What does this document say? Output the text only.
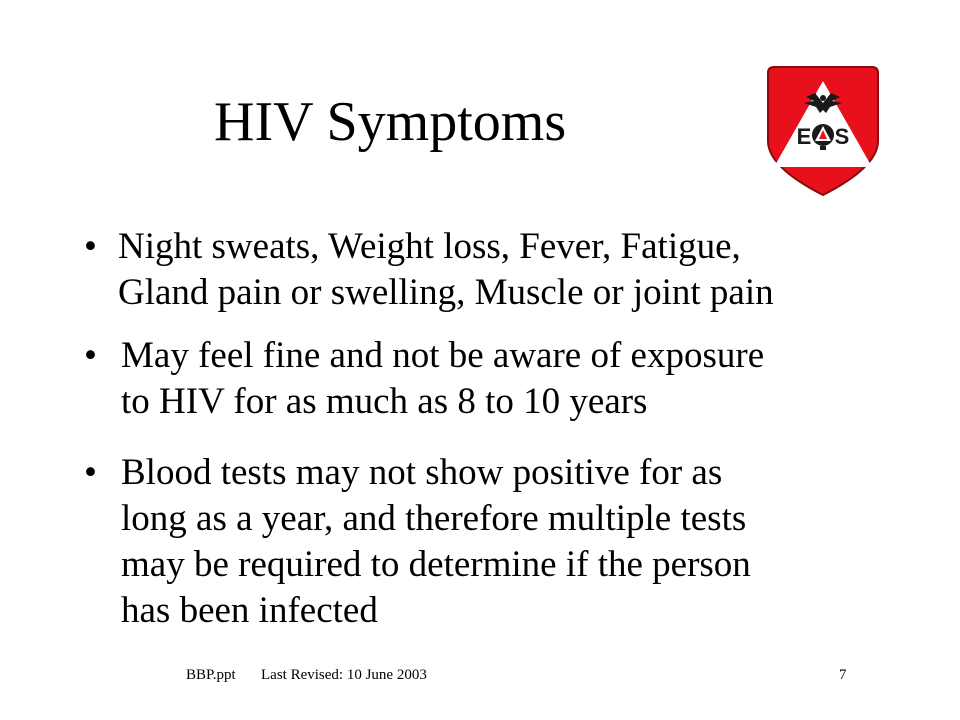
HIV Symptoms	E S
• Night sweats, Weight loss, Fever, Fatigue,
Gland pain or swelling, Muscle or joint pain
• May feel fine and not be aware of exposure
to HIV for as much as 8 to 10 years
• Blood tests may not show positive for as
long as a year, and therefore multiple tests
may be required to determine if the person
has been infected
BBP.ppt Last Revised: 10 June 2003	7
